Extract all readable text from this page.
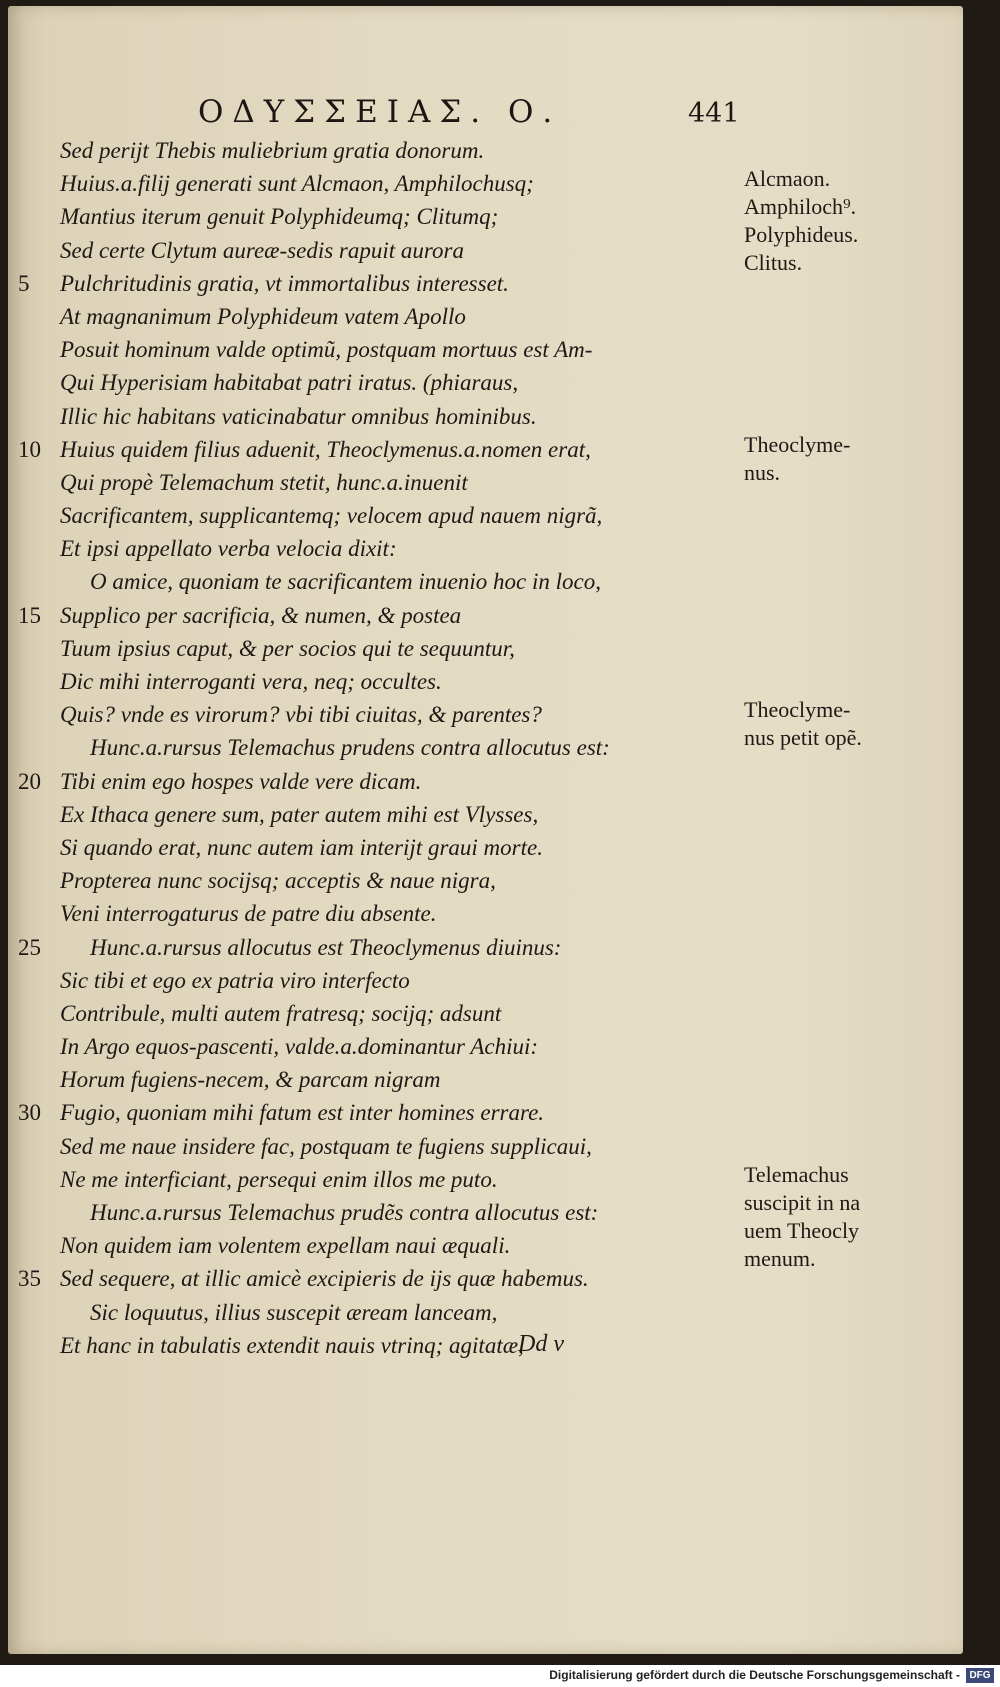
ΟΔΥΣΣΕΙΑΣ. Ο.	441
Sed perijt Thebis muliebrium gratia donorum.
Huius.a.filij generati sunt Alcmaon, Amphilochusq;
Mantius iterum genuit Polyphideumq; Clitumq;
Sed certe Clytum aureæ-sedis rapuit aurora
5	Pulchritudinis gratia, vt immortalibus interesset.
At magnanimum Polyphideum vatem Apollo
Posuit hominum valde optimũ, postquam mortuus est Am-
Qui Hyperisiam habitabat patri iratus. (phiaraus,
Illic hic habitans vaticinabatur omnibus hominibus.
10 Huius quidem filius aduenit, Theoclymenus.a.nomen erat,
Qui propè Telemachum stetit, hunc.a.inuenit
Sacrificantem, supplicantemq; velocem apud nauem nigrã,
Et ipsi appellato verba velocia dixit:
O amice, quoniam te sacrificantem inuenio hoc in loco,
15 Supplico per sacrificia, & numen, & postea
Tuum ipsius caput, & per socios qui te sequuntur,
Dic mihi interroganti vera, neq; occultes.
Quis? vnde es virorum? vbi tibi ciuitas, & parentes?
Hunc.a.rursus Telemachus prudens contra allocutus est:
20 Tibi enim ego hospes valde vere dicam.
Ex Ithaca genere sum, pater autem mihi est Vlysses,
Si quando erat, nunc autem iam interijt graui morte.
Propterea nunc socijsq; acceptis & naue nigra,
Veni interrogaturus de patre diu absente.
25	Hunc.a.rursus allocutus est Theoclymenus diuinus:
Sic tibi et ego ex patria viro interfecto
Contribule, multi autem fratresq; socijq; adsunt
In Argo equos-pascenti, valde.a.dominantur Achiui:
Horum fugiens-necem, & parcam nigram
30 Fugio, quoniam mihi fatum est inter homines errare.
Sed me naue insidere fac, postquam te fugiens supplicaui,
Ne me interficiant, persequi enim illos me puto.
Hunc.a.rursus Telemachus prudẽs contra allocutus est:
Non quidem iam volentem expellam naui æquali.
35 Sed sequere, at illic amicè excipieris de ijs quæ habemus.
Sic loquutus, illius suscepit æream lanceam,
Et hanc in tabulatis extendit nauis vtrinq; agitatæ,
Alcmaon.
Amphiloch⁹.
Polyphideus.
Clitus.
Theoclyme-
nus.
Theoclyme-
nus petit opẽ.
Telemachus
suscipit in na
uem Theocly
menum.
Dd v
Digitalisierung gefördert durch die Deutsche Forschungsgemeinschaft - DFG
